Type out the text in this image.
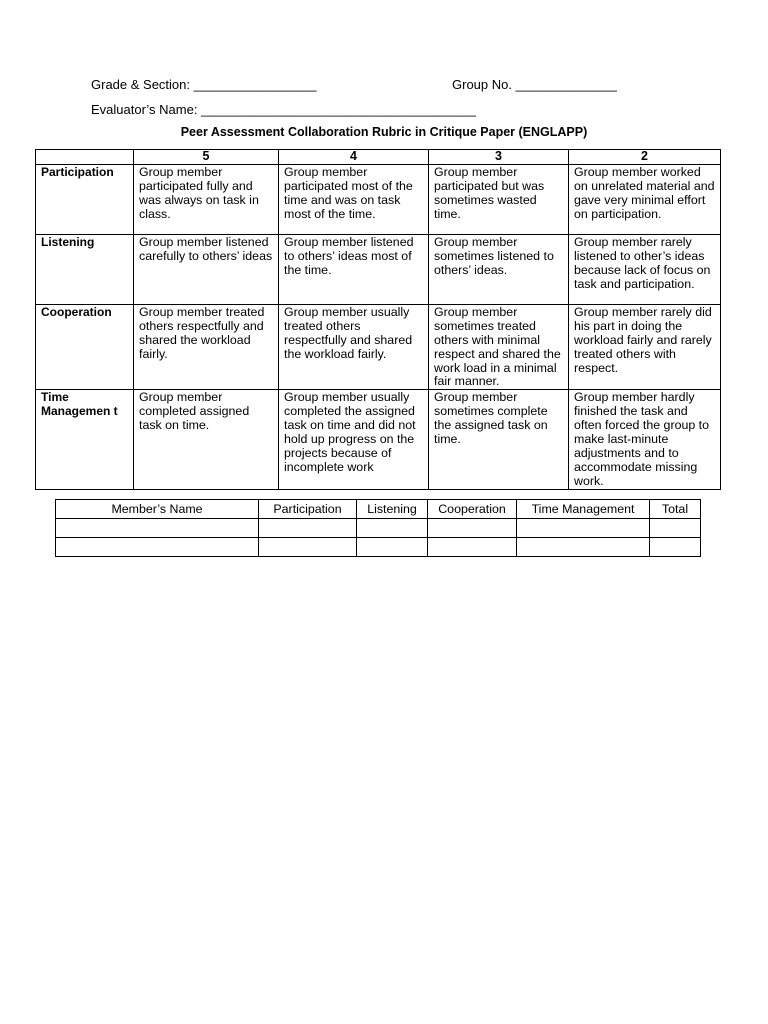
Grade & Section: _________________	Group No. ______________
Evaluator’s Name: ______________________________________
Peer Assessment Collaboration Rubric in Critique Paper (ENGLAPP)
	5	4	3	2
Participation	Group member participated fully and was always on task in class.	Group member participated most of the time and was on task most of the time.	Group member participated but was sometimes wasted time.	Group member worked on unrelated material and gave very minimal effort on participation.
Listening	Group member listened carefully to others’ ideas	Group member listened to others’ ideas most of the time.	Group member sometimes listened to others’ ideas.	Group member rarely listened to other’s ideas because lack of focus on task and participation.
Cooperation	Group member treated others respectfully and shared the workload fairly.	Group member usually treated others respectfully and shared the workload fairly.	Group member sometimes treated others with minimal respect and shared the work load in a minimal fair manner.	Group member rarely did his part in doing the workload fairly and rarely treated others with respect.
Time Managemen t	Group member completed assigned task on time.	Group member usually completed the assigned task on time and did not hold up progress on the projects because of incomplete work	Group member sometimes complete the assigned task on time.	Group member hardly finished the task and often forced the group to make last-minute adjustments and to accommodate missing work.
Member’s Name	Participation	Listening	Cooperation	Time Management	Total
